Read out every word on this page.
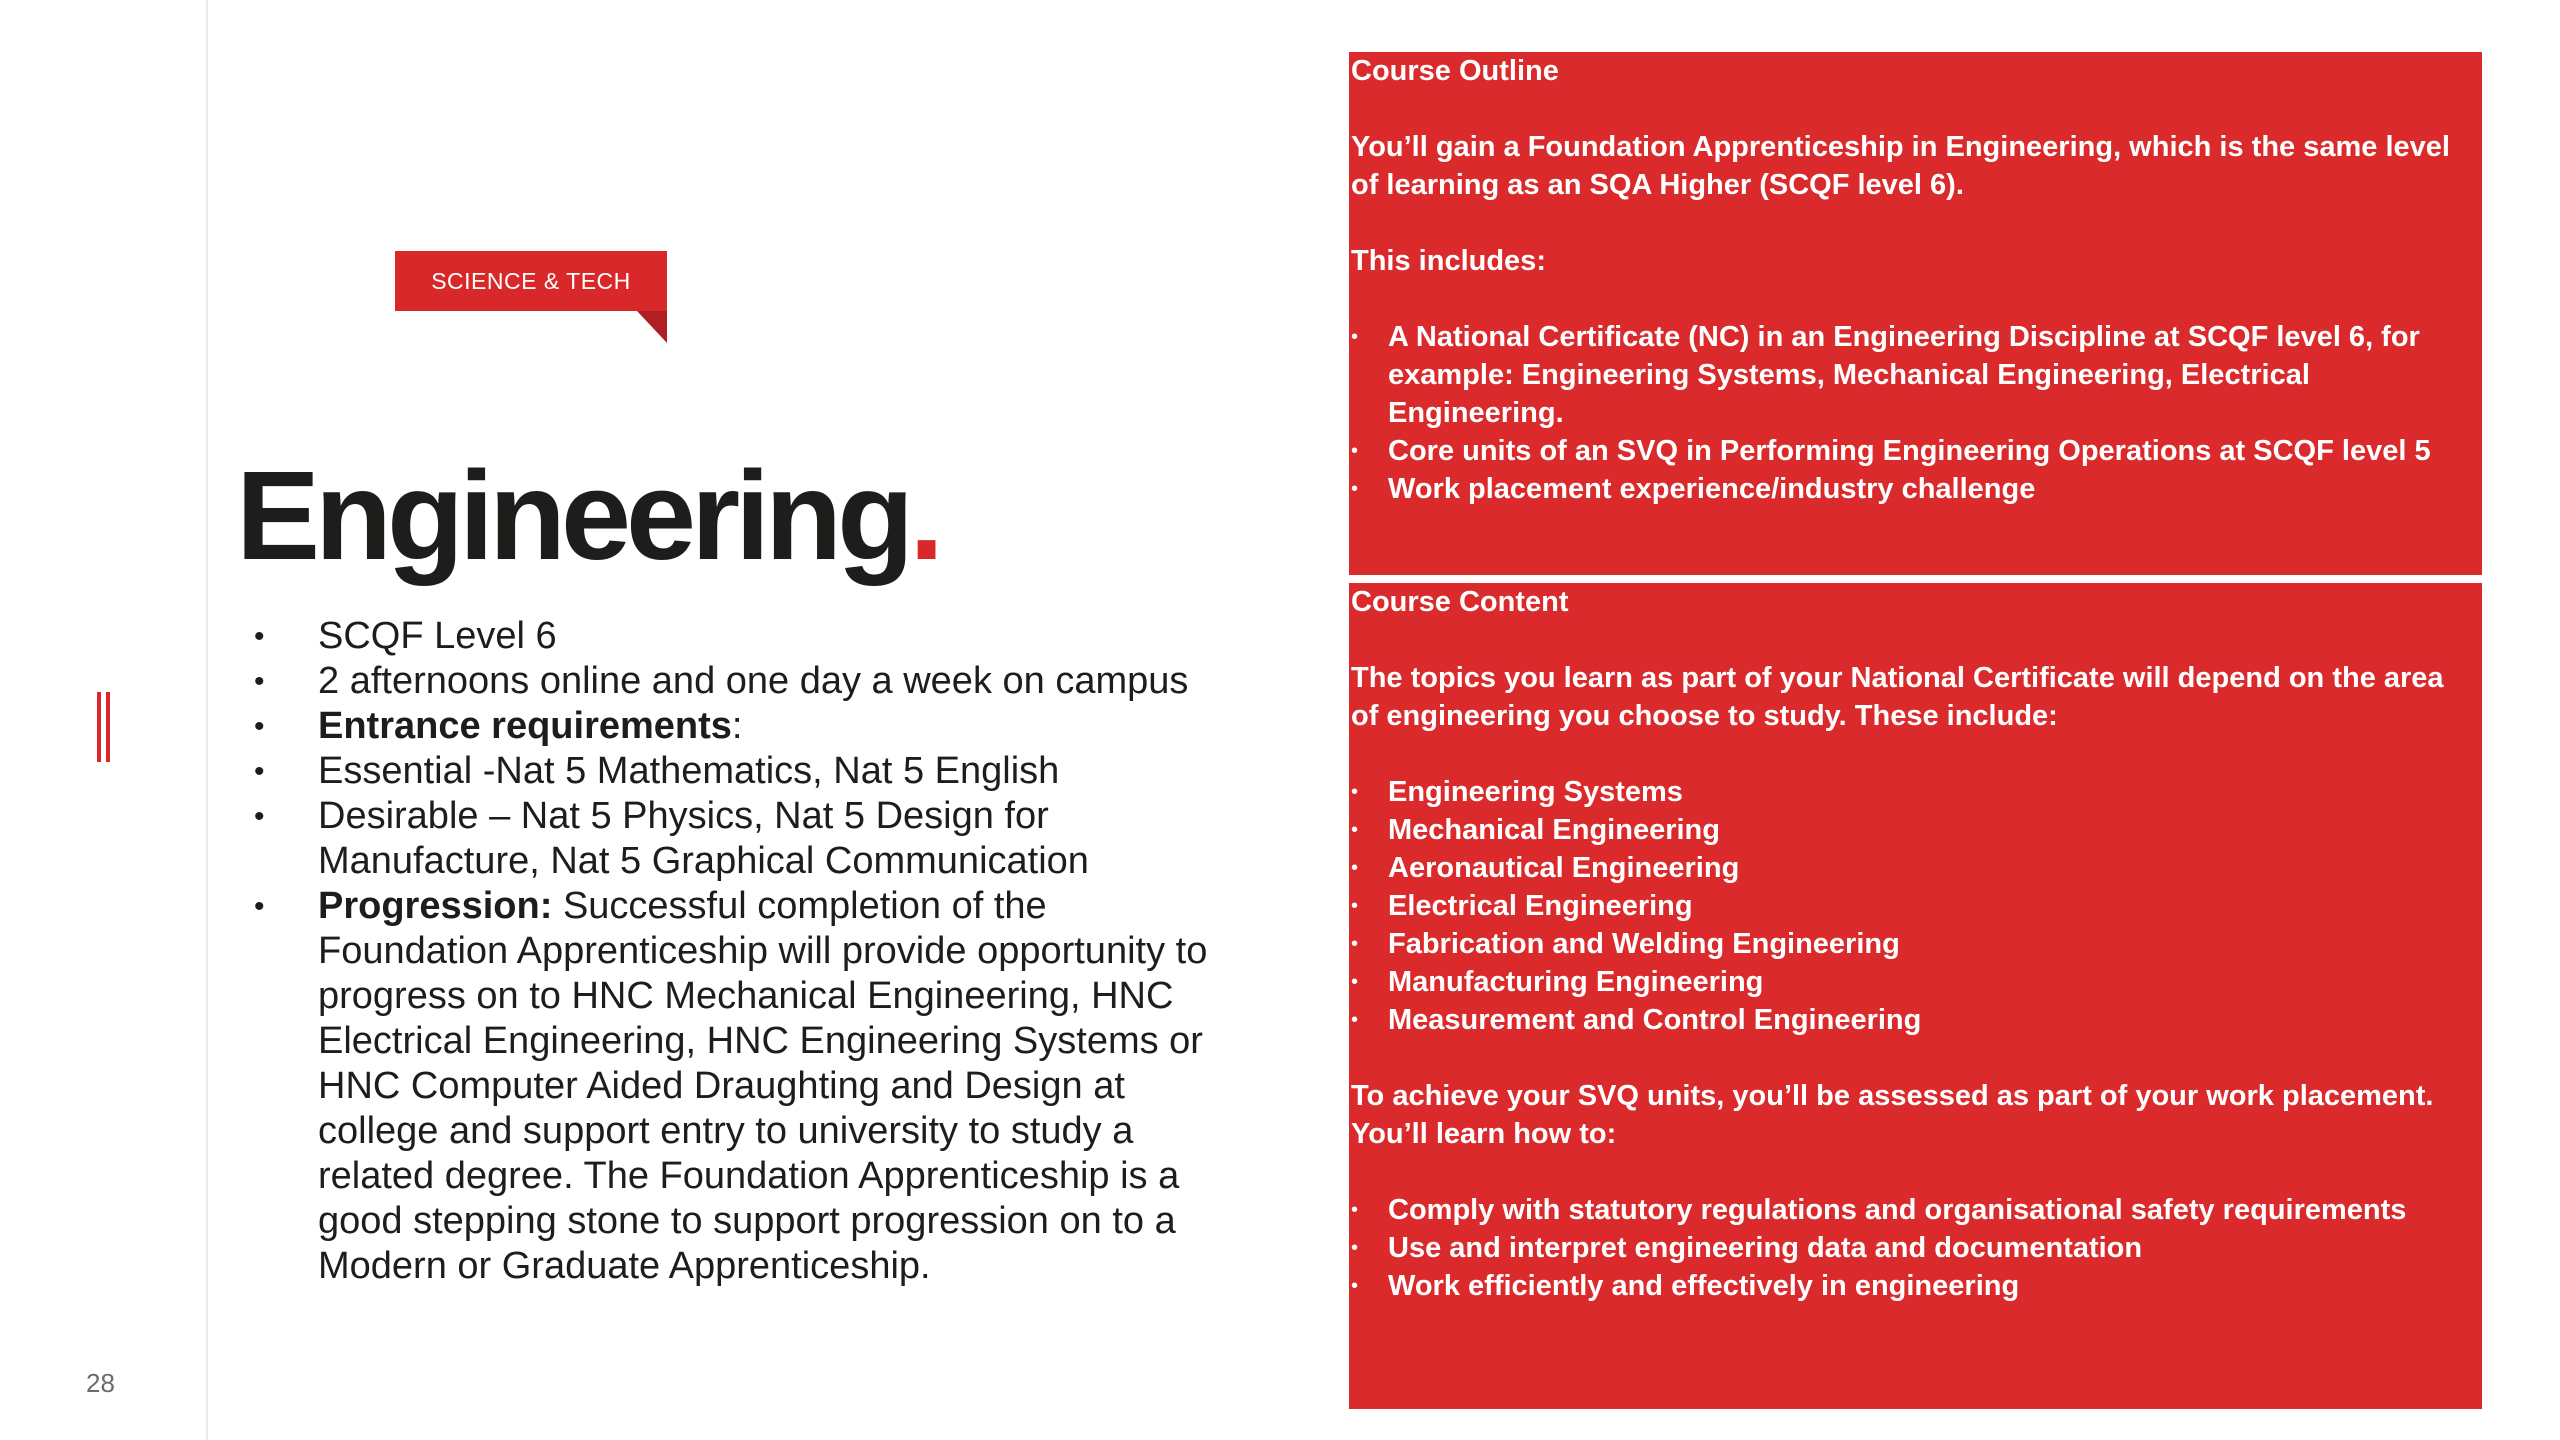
28
SCIENCE & TECH
Engineering.
• SCQF Level 6
• 2 afternoons online and one day a week on campus
• Entrance requirements:
• Essential -Nat 5 Mathematics, Nat 5 English
• Desirable – Nat 5 Physics, Nat 5 Design for Manufacture, Nat 5 Graphical Communication
• Progression: Successful completion of the Foundation Apprenticeship will provide opportunity to progress on to HNC Mechanical Engineering, HNC Electrical Engineering, HNC Engineering Systems or HNC Computer Aided Draughting and Design at college and support entry to university to study a related degree. The Foundation Apprenticeship is a good stepping stone to support progression on to a Modern or Graduate Apprenticeship.

Course Outline

You’ll gain a Foundation Apprenticeship in Engineering, which is the same level of learning as an SQA Higher (SCQF level 6).

This includes:

• A National Certificate (NC) in an Engineering Discipline at SCQF level 6, for example: Engineering Systems, Mechanical Engineering, Electrical Engineering.
• Core units of an SVQ in Performing Engineering Operations at SCQF level 5
• Work placement experience/industry challenge

Course Content

The topics you learn as part of your National Certificate will depend on the area of engineering you choose to study. These include:

• Engineering Systems
• Mechanical Engineering
• Aeronautical Engineering
• Electrical Engineering
• Fabrication and Welding Engineering
• Manufacturing Engineering
• Measurement and Control Engineering

To achieve your SVQ units, you’ll be assessed as part of your work placement. You’ll learn how to:

• Comply with statutory regulations and organisational safety requirements
• Use and interpret engineering data and documentation
• Work efficiently and effectively in engineering
